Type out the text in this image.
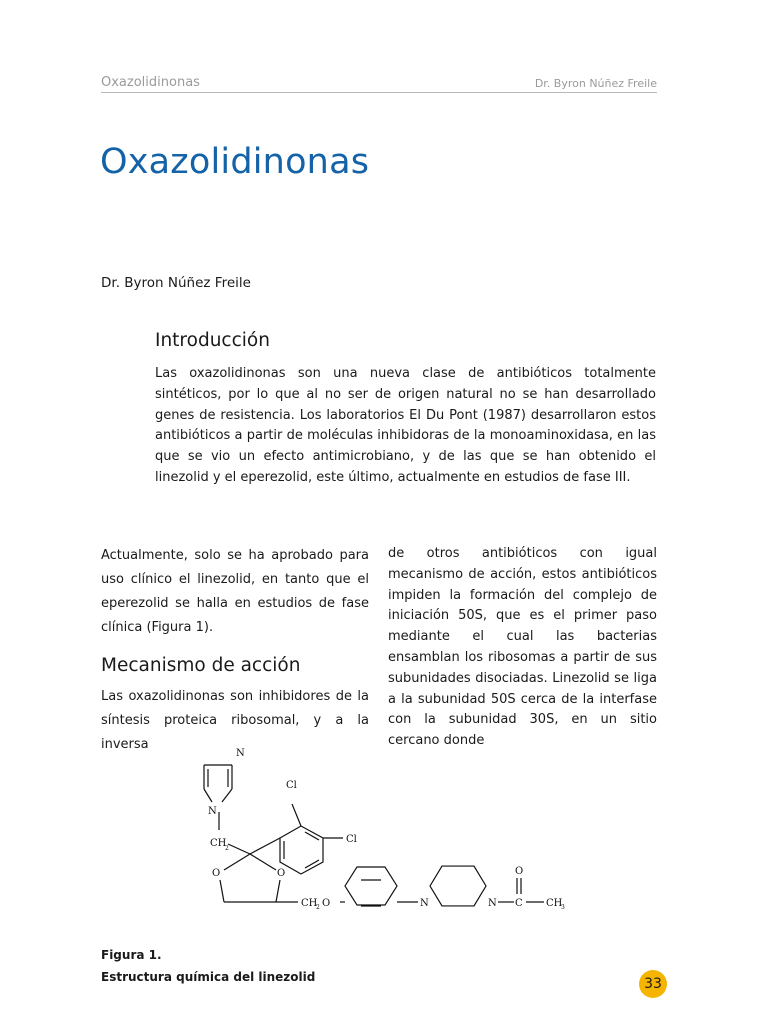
Oxazolidinonas	Dr. Byron Núñez Freile
Oxazolidinonas
Dr. Byron Núñez Freile
Introducción

Las oxazolidinonas son una nueva clase de antibióticos totalmente sintéticos, por lo que al no ser de origen natural no se han desarrollado genes de resistencia. Los laboratorios El Du Pont (1987) desarrollaron estos antibióticos a partir de moléculas inhibidoras de la monoaminoxidasa, en las que se vio un efecto antimicrobiano, y de las que se han obtenido el linezolid y el eperezolid, este último, actualmente en estudios de fase III.

Actualmente, solo se ha aprobado para uso clínico el linezolid, en tanto que el eperezolid se halla en estudios de fase clínica (Figura 1).

Mecanismo de acción

Las oxazolidinonas son inhibidores de la síntesis proteica ribosomal, y a la inversa

de otros antibióticos con igual mecanismo de acción, estos antibióticos impiden la formación del complejo de iniciación 50S, que es el primer paso mediante el cual las bacterias ensamblan los ribosomas a partir de sus subunidades disociadas. Linezolid se liga a la subunidad 50S cerca de la interfase con la subunidad 30S, en un sitio cercano donde

N
N
Cl
Cl
CH
2
O	O
CH
2 O	N	N
O
C CH
3
Figura 1.
Estructura química del linezolid	33
